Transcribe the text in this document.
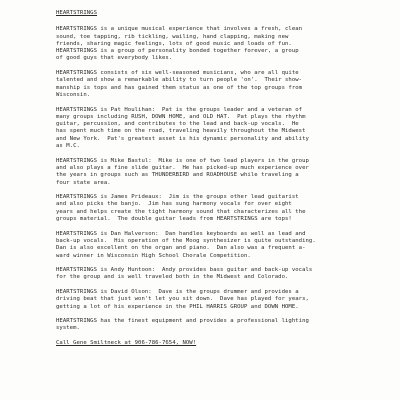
HEARTSTRINGS
HEARTSTRINGS is a unique musical experience that involves a fresh, clean
sound, toe tapping, rib tickling, wailing, hand clapping, making new
friends, sharing magic feelings, lots of good music and loads of fun.
HEARTSTRINGS is a group of personality bonded together forever, a group
of good guys that everybody likes.
HEARTSTRINGS consists of six well-seasoned musicians, who are all quite
talented and show a remarkable ability to turn people 'on'.  Their show-
manship is tops and has gained them status as one of the top groups from
Wisconsin.
HEARTSTRINGS is Pat Houlihan:  Pat is the groups leader and a veteran of
many groups including RUSH, DOWN HOME, and OLD HAT.  Pat plays the rhythm
guitar, percussion, and contributes to the lead and back-up vocals.  He
has spent much time on the road, traveling heavily throughout the Midwest
and New York.  Pat's greatest asset is his dynamic personality and ability
as M.C.
HEARTSTRINGS is Mike Bastul:  Mike is one of two lead players in the group
and also plays a fine slide guitar.  He has picked-up much experience over
the years in groups such as THUNDERBIRD and ROADHOUSE while traveling a
four state area.
HEARTSTRINGS is James Prideaux:  Jim is the groups other lead guitarist
and also picks the banjo.  Jim has sung harmony vocals for over eight
years and helps create the tight harmony sound that characterizes all the
groups material.  The double guitar leads from HEARTSTRINGS are tops!
HEARTSTRINGS is Dan Halverson:  Dan handles keyboards as well as lead and
back-up vocals.  His operation of the Moog synthesizer is quite outstanding.
Dan is also excellent on the organ and piano.  Dan also was a frequent a-
ward winner in Wisconsin High School Chorale Competition.
HEARTSTRINGS is Andy Huntoon:  Andy provides bass guitar and back-up vocals
for the group and is well traveled both in the Midwest and Colorado.
HEARTSTRINGS is David Olson:  Dave is the groups drummer and provides a
driving beat that just won't let you sit down.  Dave has played for years,
getting a lot of his experience in the PHIL HARRIS GROUP and DOWN HOME.
HEARTSTRINGS has the finest equipment and provides a professional lighting
system.
Call Gene Smiltneck at 906-786-7654, NOW!
